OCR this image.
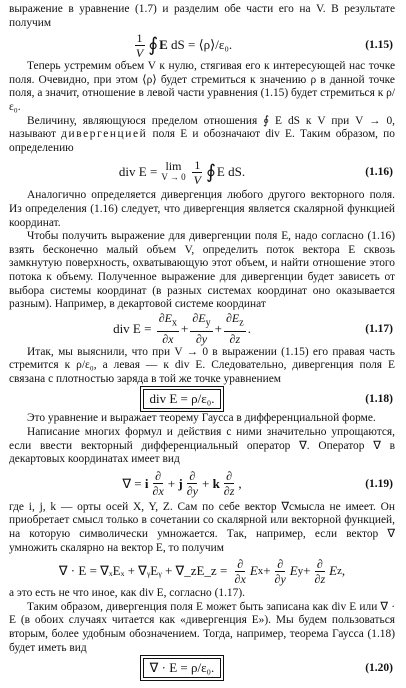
выражение в уравнение (1.7) и разделим обе части его на V. В результате получим

$\frac{1}{V}$ ∮ E dS = ⟨ρ⟩/ε₀.	(1.15)

Теперь устремим объем V к нулю, стягивая его к интересующей нас точке поля. Очевидно, при этом ⟨ρ⟩ будет стремиться к значению ρ в данной точке поля, а значит, отношение в левой части уравнения (1.15) будет стремиться к ρ/ε₀.

Величину, являющуюся пределом отношения ∮ E dS к V при V → 0, называют дивергенцией поля E и обозначают div E. Таким образом, по определению

div E = lim
$V \to 0 \frac{1}{V}$ ∮ E dS.	(1.16)

Аналогично определяется дивергенция любого другого векторного поля. Из определения (1.16) следует, что дивергенция является скалярной функцией координат.

Чтобы получить выражение для дивергенции поля E, надо согласно (1.16) взять бесконечно малый объем V, определить поток вектора E сквозь замкнутую поверхность, охватывающую этот объем, и найти отношение этого потока к объему. Полученное выражение для дивергенции будет зависеть от выбора системы координат (в разных системах координат оно оказывается разным). Например, в декартовой системе координат

div E =
$\frac{\partial E_x}{\partial x} + \frac{\partial E_y}{\partial y} + \frac{\partial E_z}{\partial z}$ .	(1.17)

Итак, мы выяснили, что при V → 0 в выражении (1.15) его правая часть стремится к ρ/ε₀, а левая — к div E. Следовательно, дивергенция поля E связана с плотностью заряда в той же точке уравнением

div E = ρ/ε₀.	(1.18)

Это уравнение и выражает теорему Гаусса в дифференциальной форме.

Написание многих формул и действия с ними значительно упрощаются, если ввести векторный дифференциальный оператор ∇. Оператор ∇ в декартовых координатах имеет вид

∇ =
i $\frac{\partial}{\partial x} + j \frac{\partial}{\partial y} + k \frac{\partial}{\partial z}$ ,	(1.19)

где i, j, k — орты осей X, Y, Z. Сам по себе вектор ∇смысла не имеет. Он приобретает смысл только в сочетании со скалярной или векторной функцией, на которую символически умножается. Так, например, если вектор ∇ умножить скалярно на вектор E, то получим

∇ · E = ∇ₓEₓ + ∇ᵧEᵧ + ∇_zE_z =
$\frac{\partial}{\partial x}$ E $x + \frac{\partial}{\partial y}$ E $y + \frac{\partial}{\partial z}$ E z ,

а это есть не что иное, как div E, согласно (1.17).

Таким образом, дивергенция поля E может быть записана как div E или ∇ · E (в обоих случаях читается как «дивергенция E»). Мы будем пользоваться вторым, более удобным обозначением. Тогда, например, теорема Гаусса (1.18) будет иметь вид

∇ · E = ρ/ε₀.	(1.20)
